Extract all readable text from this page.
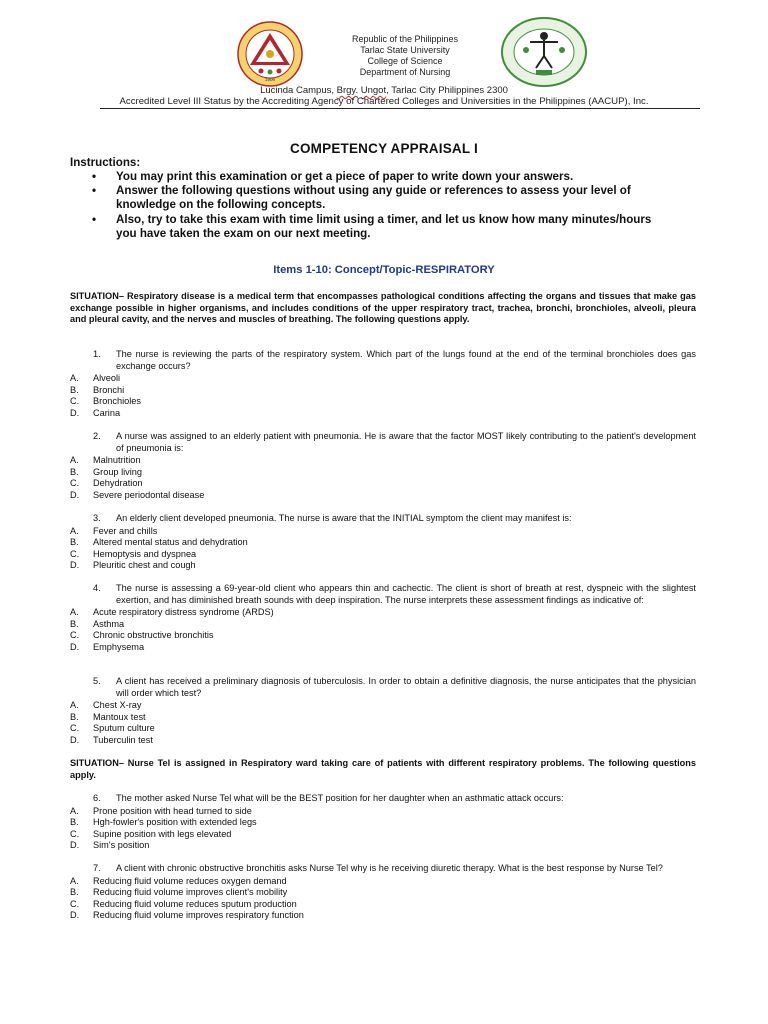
1906
Republic of the Philippines
Tarlac State University
College of Science
Department of Nursing
Lucinda Campus, Brgy. Ungot, Tarlac City Philippines 2300
Accredited Level III Status by the Accrediting Agency of Chartered Colleges and Universities in the Philippines (AACUP), Inc.
COMPETENCY APPRAISAL I
Instructions:
• You may print this examination or get a piece of paper to write down your answers.
• Answer the following questions without using any guide or references to assess your level of knowledge on the following concepts.
• Also, try to take this exam with time limit using a timer, and let us know how many minutes/hours you have taken the exam on our next meeting.
Items 1-10: Concept/Topic-RESPIRATORY
SITUATION– Respiratory disease is a medical term that encompasses pathological conditions affecting the organs and tissues that make gas exchange possible in higher organisms, and includes conditions of the upper respiratory tract, trachea, bronchi, bronchioles, alveoli, pleura and pleural cavity, and the nerves and muscles of breathing. The following questions apply.
1. The nurse is reviewing the parts of the respiratory system. Which part of the lungs found at the end of the terminal bronchioles does gas exchange occurs?
A. Alveoli
B. Bronchi
C. Bronchioles
D. Carina
2. A nurse was assigned to an elderly patient with pneumonia. He is aware that the factor MOST likely contributing to the patient's development of pneumonia is:
A. Malnutrition
B. Group living
C. Dehydration
D. Severe periodontal disease
3. An elderly client developed pneumonia. The nurse is aware that the INITIAL symptom the client may manifest is:
A. Fever and chills
B. Altered mental status and dehydration
C. Hemoptysis and dyspnea
D. Pleuritic chest and cough
4. The nurse is assessing a 69-year-old client who appears thin and cachectic. The client is short of breath at rest, dyspneic with the slightest exertion, and has diminished breath sounds with deep inspiration. The nurse interprets these assessment findings as indicative of:
A. Acute respiratory distress syndrome (ARDS)
B. Asthma
C. Chronic obstructive bronchitis
D. Emphysema
5. A client has received a preliminary diagnosis of tuberculosis. In order to obtain a definitive diagnosis, the nurse anticipates that the physician will order which test?
A. Chest X-ray
B. Mantoux test
C. Sputum culture
D. Tuberculin test
SITUATION– Nurse Tel is assigned in Respiratory ward taking care of patients with different respiratory problems. The following questions apply.
6. The mother asked Nurse Tel what will be the BEST position for her daughter when an asthmatic attack occurs:
A. Prone position with head turned to side
B. Hgh-fowler's position with extended legs
C. Supine position with legs elevated
D. Sim's position
7. A client with chronic obstructive bronchitis asks Nurse Tel why is he receiving diuretic therapy. What is the best response by Nurse Tel?
A. Reducing fluid volume reduces oxygen demand
B. Reducing fluid volume improves client's mobility
C. Reducing fluid volume reduces sputum production
D. Reducing fluid volume improves respiratory function
